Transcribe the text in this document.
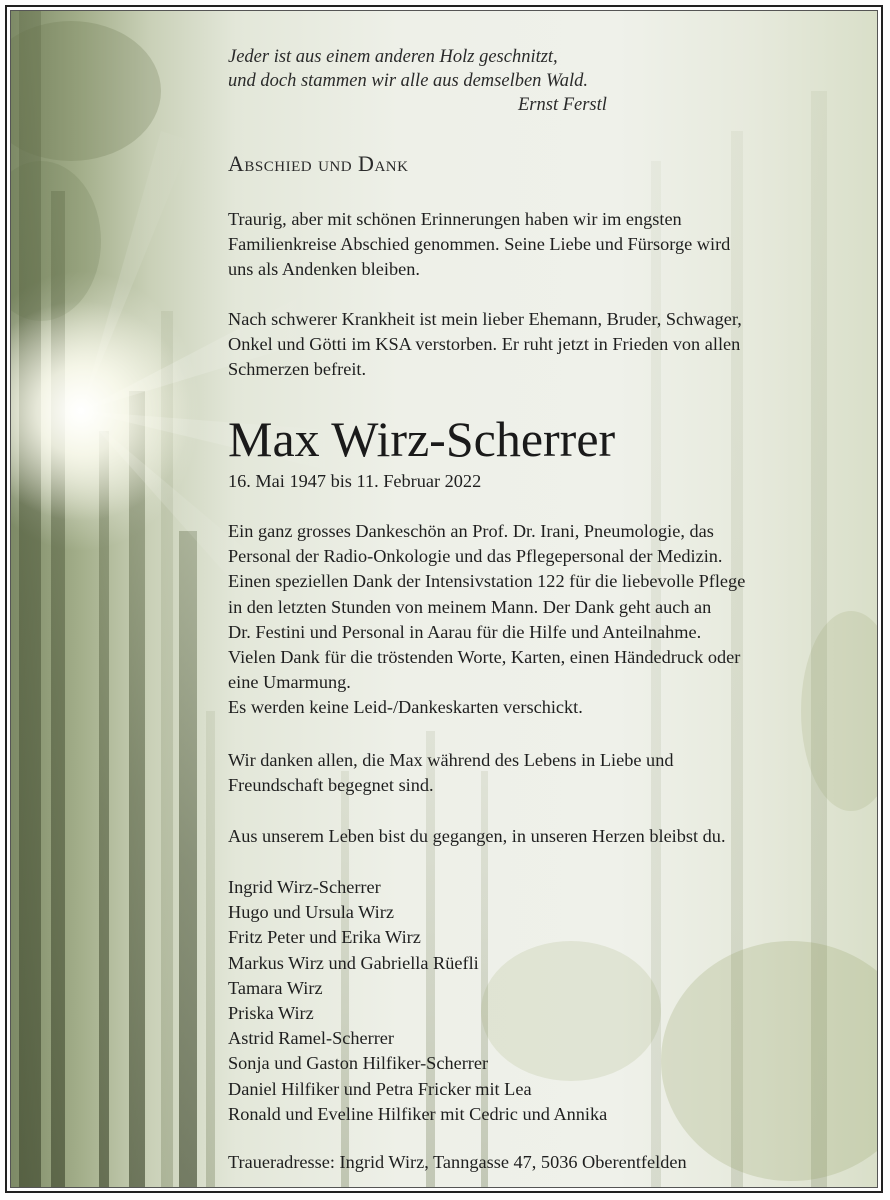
Jeder ist aus einem anderen Holz geschnitzt,
und doch stammen wir alle aus demselben Wald.
Ernst Ferstl
Abschied und Dank
Traurig, aber mit schönen Erinnerungen haben wir im engsten
Familienkreise Abschied genommen. Seine Liebe und Fürsorge wird
uns als Andenken bleiben.
Nach schwerer Krankheit ist mein lieber Ehemann, Bruder, Schwager,
Onkel und Götti im KSA verstorben. Er ruht jetzt in Frieden von allen
Schmerzen befreit.
Max Wirz-Scherrer
16. Mai 1947 bis 11. Februar 2022
Ein ganz grosses Dankeschön an Prof. Dr. Irani, Pneumologie, das
Personal der Radio-Onkologie und das Pflegepersonal der Medizin.
Einen speziellen Dank der Intensivstation 122 für die liebevolle Pflege
in den letzten Stunden von meinem Mann. Der Dank geht auch an
Dr. Festini und Personal in Aarau für die Hilfe und Anteilnahme.
Vielen Dank für die tröstenden Worte, Karten, einen Händedruck oder
eine Umarmung.
Es werden keine Leid-/Dankeskarten verschickt.
Wir danken allen, die Max während des Lebens in Liebe und
Freundschaft begegnet sind.
Aus unserem Leben bist du gegangen, in unseren Herzen bleibst du.
Ingrid Wirz-Scherrer
Hugo und Ursula Wirz
Fritz Peter und Erika Wirz
Markus Wirz und Gabriella Rüefli
Tamara Wirz
Priska Wirz
Astrid Ramel-Scherrer
Sonja und Gaston Hilfiker-Scherrer
Daniel Hilfiker und Petra Fricker mit Lea
Ronald und Eveline Hilfiker mit Cedric und Annika
Traueradresse: Ingrid Wirz, Tanngasse 47, 5036 Oberentfelden
